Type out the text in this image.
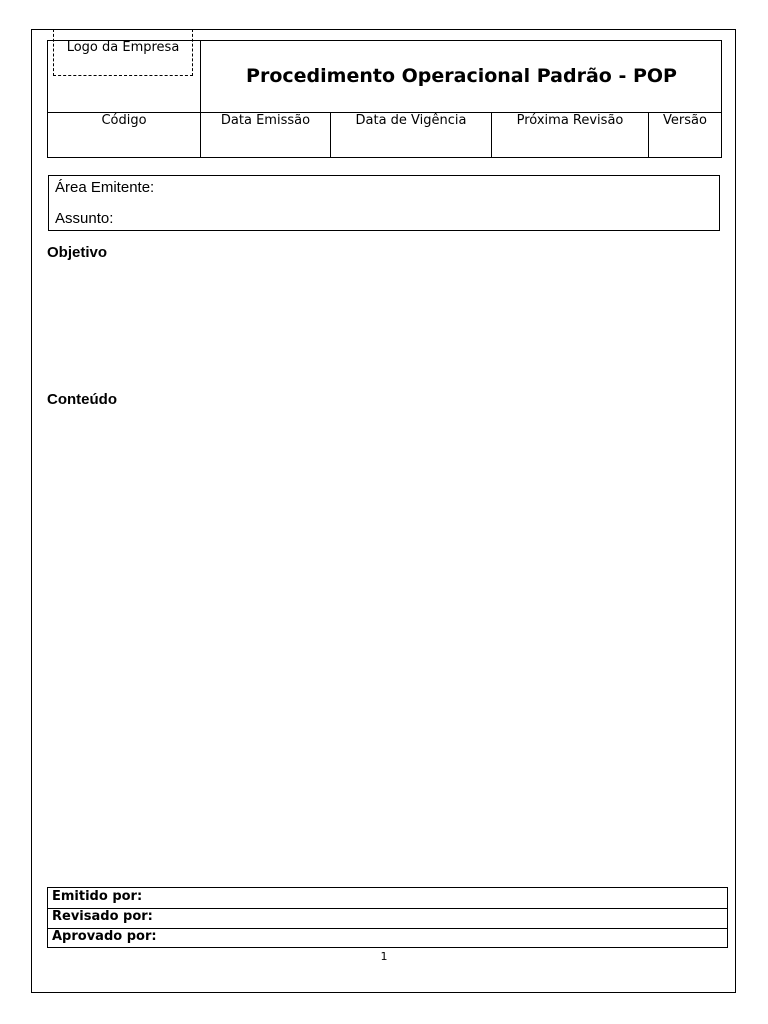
Logo da Empresa
Procedimento Operacional Padrão - POP
Código	Data Emissão	Data de Vigência	Próxima Revisão	Versão
Área Emitente:
Assunto:
Objetivo
Conteúdo
Emitido por:
Revisado por:
Aprovado por:
1
